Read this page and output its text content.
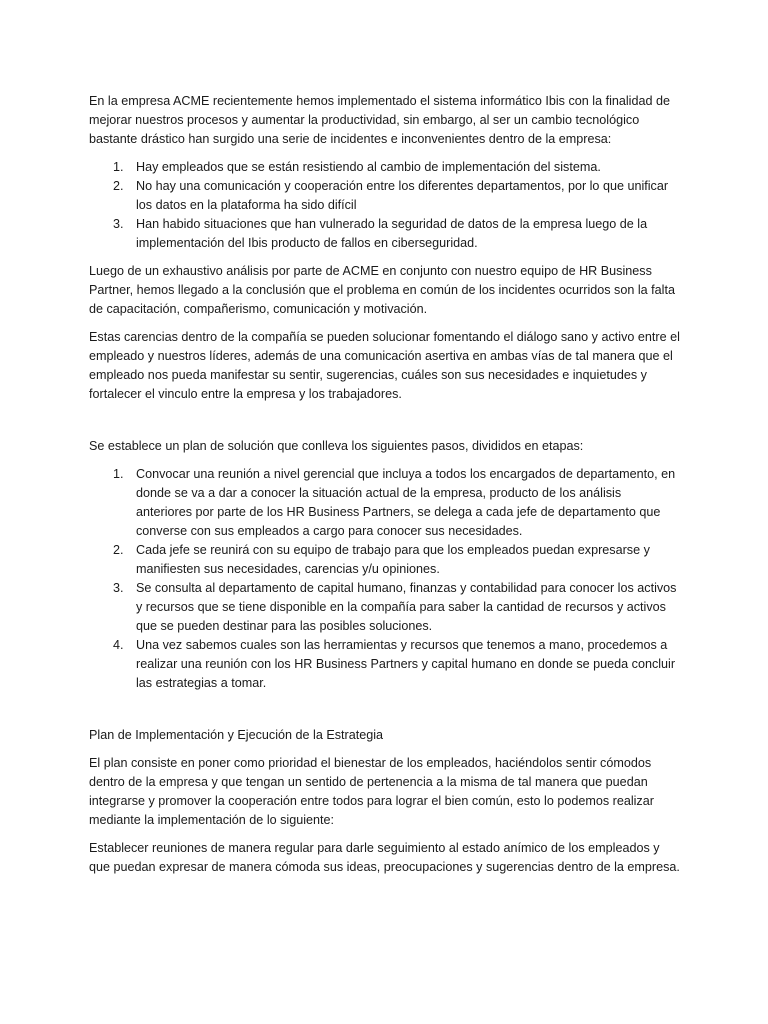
En la empresa ACME recientemente hemos implementado el sistema informático Ibis con la finalidad de mejorar nuestros procesos y aumentar la productividad, sin embargo, al ser un cambio tecnológico bastante drástico han surgido una serie de incidentes e inconvenientes dentro de la empresa:

1. Hay empleados que se están resistiendo al cambio de implementación del sistema.
2. No hay una comunicación y cooperación entre los diferentes departamentos, por lo que unificar los datos en la plataforma ha sido difícil
3. Han habido situaciones que han vulnerado la seguridad de datos de la empresa luego de la implementación del Ibis producto de fallos en ciberseguridad.

Luego de un exhaustivo análisis por parte de ACME en conjunto con nuestro equipo de HR Business Partner, hemos llegado a la conclusión que el problema en común de los incidentes ocurridos son la falta de capacitación, compañerismo, comunicación y motivación.

Estas carencias dentro de la compañía se pueden solucionar fomentando el diálogo sano y activo entre el empleado y nuestros líderes, además de una comunicación asertiva en ambas vías de tal manera que el empleado nos pueda manifestar su sentir, sugerencias, cuáles son sus necesidades e inquietudes y fortalecer el vinculo entre la empresa y los trabajadores.

Se establece un plan de solución que conlleva los siguientes pasos, divididos en etapas:

1. Convocar una reunión a nivel gerencial que incluya a todos los encargados de departamento, en donde se va a dar a conocer la situación actual de la empresa, producto de los análisis anteriores por parte de los HR Business Partners, se delega a cada jefe de departamento que converse con sus empleados a cargo para conocer sus necesidades.
2. Cada jefe se reunirá con su equipo de trabajo para que los empleados puedan expresarse y manifiesten sus necesidades, carencias y/u opiniones.
3. Se consulta al departamento de capital humano, finanzas y contabilidad para conocer los activos y recursos que se tiene disponible en la compañía para saber la cantidad de recursos y activos que se pueden destinar para las posibles soluciones.
4. Una vez sabemos cuales son las herramientas y recursos que tenemos a mano, procedemos a realizar una reunión con los HR Business Partners y capital humano en donde se pueda concluir las estrategias a tomar.

Plan de Implementación y Ejecución de la Estrategia

El plan consiste en poner como prioridad el bienestar de los empleados, haciéndolos sentir cómodos dentro de la empresa y que tengan un sentido de pertenencia a la misma de tal manera que puedan integrarse y promover la cooperación entre todos para lograr el bien común, esto lo podemos realizar mediante la implementación de lo siguiente:

Establecer reuniones de manera regular para darle seguimiento al estado anímico de los empleados y que puedan expresar de manera cómoda sus ideas, preocupaciones y sugerencias dentro de la empresa.
